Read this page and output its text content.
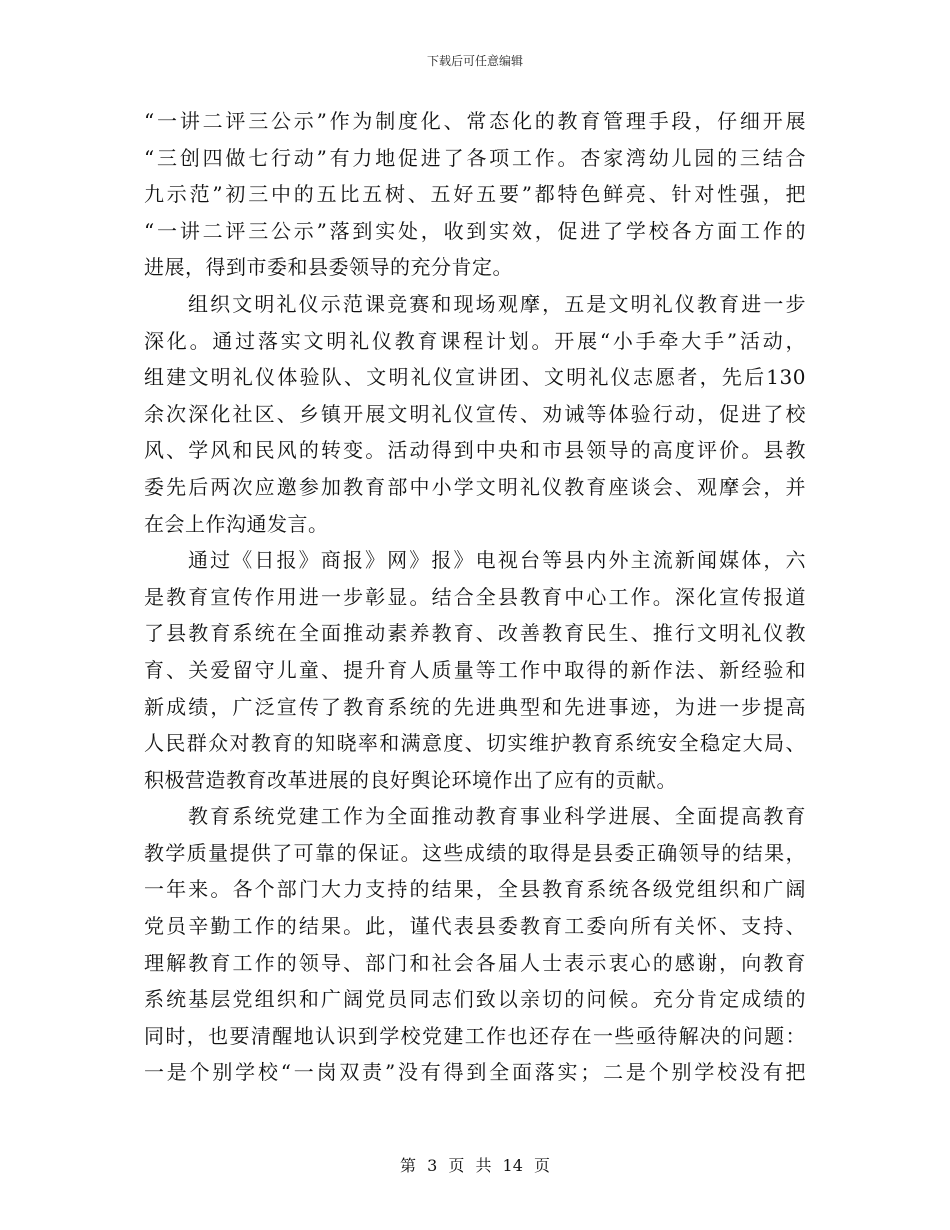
下载后可任意编辑
“一讲二评三公示”作为制度化、常态化的教育管理手段，仔细开展
“三创四做七行动”有力地促进了各项工作。杏家湾幼儿园的三结合
九示范”初三中的五比五树、五好五要”都特色鲜亮、针对性强，把
“一讲二评三公示”落到实处，收到实效，促进了学校各方面工作的
进展，得到市委和县委领导的充分肯定。
组织文明礼仪示范课竞赛和现场观摩，五是文明礼仪教育进一步
深化。通过落实文明礼仪教育课程计划。开展“小手牵大手”活动，
组建文明礼仪体验队、文明礼仪宣讲团、文明礼仪志愿者，先后130
余次深化社区、乡镇开展文明礼仪宣传、劝诫等体验行动，促进了校
风、学风和民风的转变。活动得到中央和市县领导的高度评价。县教
委先后两次应邀参加教育部中小学文明礼仪教育座谈会、观摩会，并
在会上作沟通发言。
通过《日报》商报》网》报》电视台等县内外主流新闻媒体，六
是教育宣传作用进一步彰显。结合全县教育中心工作。深化宣传报道
了县教育系统在全面推动素养教育、改善教育民生、推行文明礼仪教
育、关爱留守儿童、提升育人质量等工作中取得的新作法、新经验和
新成绩，广泛宣传了教育系统的先进典型和先进事迹，为进一步提高
人民群众对教育的知晓率和满意度、切实维护教育系统安全稳定大局、
积极营造教育改革进展的良好舆论环境作出了应有的贡献。
教育系统党建工作为全面推动教育事业科学进展、全面提高教育
教学质量提供了可靠的保证。这些成绩的取得是县委正确领导的结果，
一年来。各个部门大力支持的结果，全县教育系统各级党组织和广阔
党员辛勤工作的结果。此，谨代表县委教育工委向所有关怀、支持、
理解教育工作的领导、部门和社会各届人士表示衷心的感谢，向教育
系统基层党组织和广阔党员同志们致以亲切的问候。充分肯定成绩的
同时，也要清醒地认识到学校党建工作也还存在一些亟待解决的问题：
一是个别学校“一岗双责”没有得到全面落实；二是个别学校没有把
第 3 页 共 14 页
